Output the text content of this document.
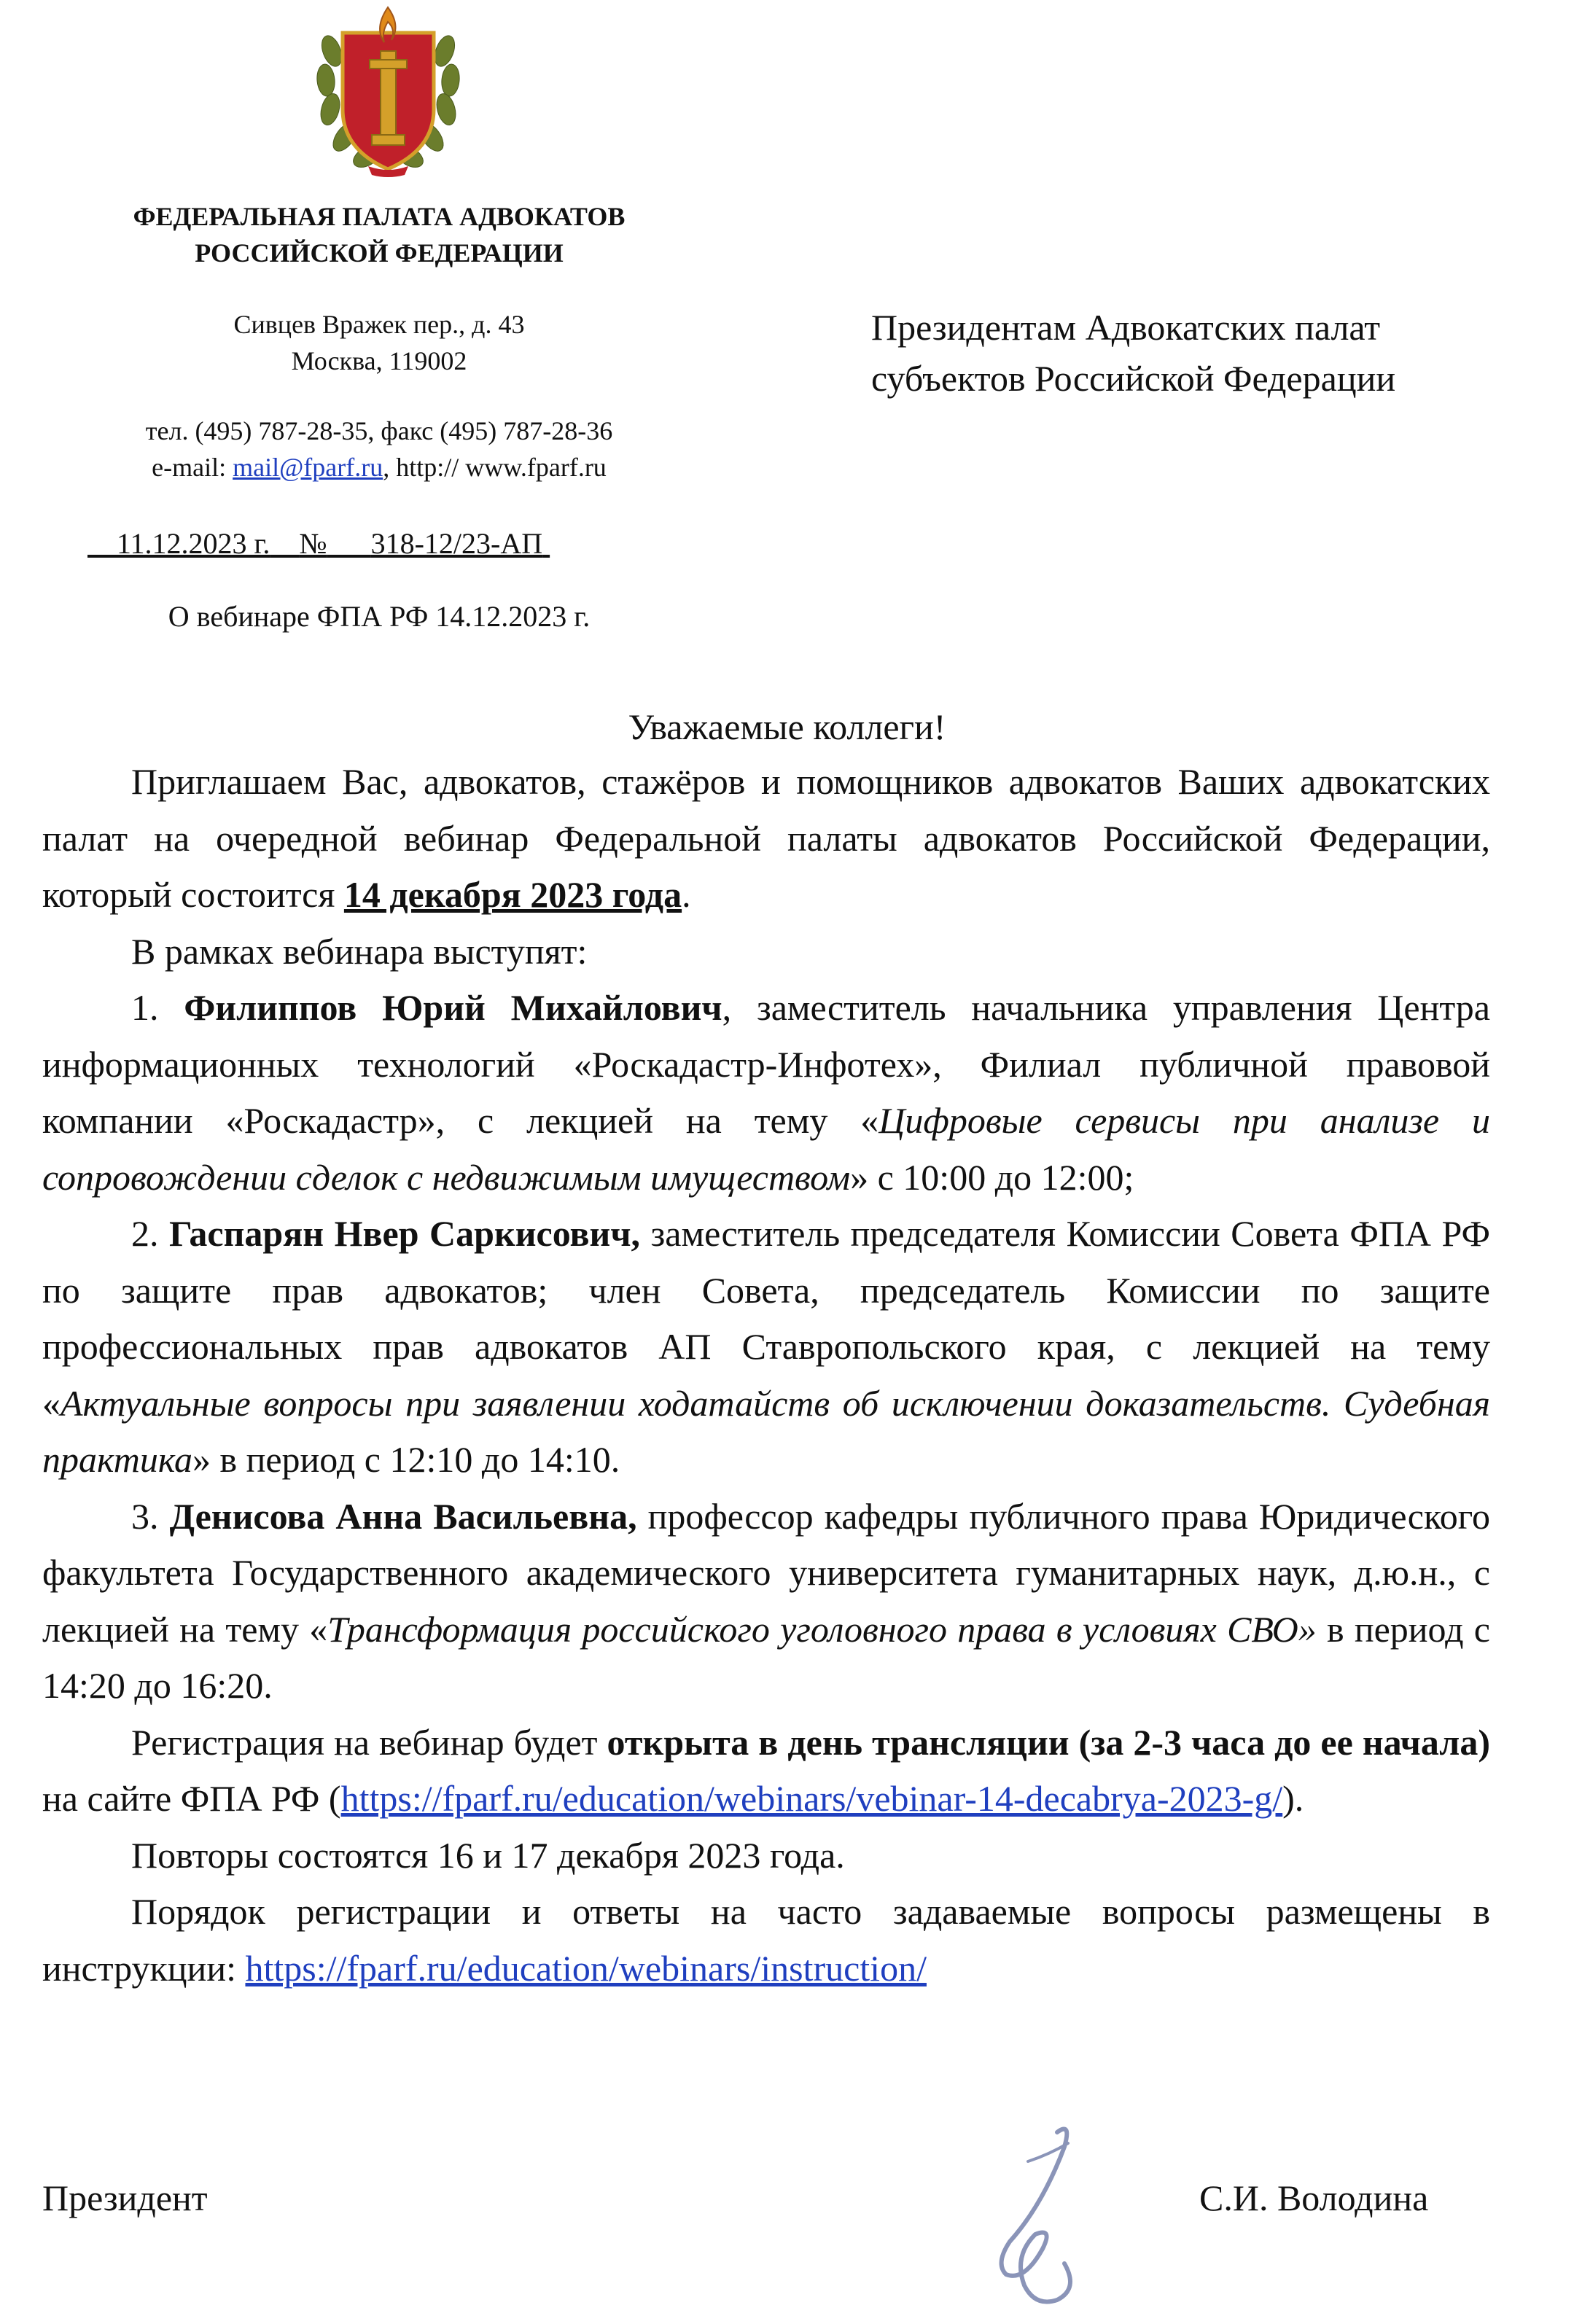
ФЕДЕРАЛЬНАЯ ПАЛАТА АДВОКАТОВ
РОССИЙСКОЙ ФЕДЕРАЦИИ
Сивцев Вражек пер., д. 43
Москва, 119002
тел. (495) 787-28-35, факс (495) 787-28-36
e-mail: mail@fparf.ru, http:// www.fparf.ru
11.12.2023 г. № 318-12/23-АП
О вебинаре ФПА РФ 14.12.2023 г.
Президентам Адвокатских палат
субъектов Российской Федерации
Уважаемые коллеги!

Приглашаем Вас, адвокатов, стажёров и помощников адвокатов Ваших адвокатских палат на очередной вебинар Федеральной палаты адвокатов Российской Федерации, который состоится 14 декабря 2023 года.

В рамках вебинара выступят:

1. Филиппов Юрий Михайлович, заместитель начальника управления Центра информационных технологий «Роскадастр-Инфотех», Филиал публичной правовой компании «Роскадастр», с лекцией на тему «Цифровые сервисы при анализе и сопровождении сделок с недвижимым имуществом» с 10:00 до 12:00;

2. Гаспарян Нвер Саркисович, заместитель председателя Комиссии Совета ФПА РФ по защите прав адвокатов; член Совета, председатель Комиссии по защите профессиональных прав адвокатов АП Ставропольского края, с лекцией на тему «Актуальные вопросы при заявлении ходатайств об исключении доказательств. Судебная практика» в период с 12:10 до 14:10.

3. Денисова Анна Васильевна, профессор кафедры публичного права Юридического факультета Государственного академического университета гуманитарных наук, д.ю.н., с лекцией на тему «Трансформация российского уголовного права в условиях СВО» в период с 14:20 до 16:20.

Регистрация на вебинар будет открыта в день трансляции (за 2-3 часа до ее начала) на сайте ФПА РФ (https://fparf.ru/education/webinars/vebinar-14-decabrya-2023-g/).

Повторы состоятся 16 и 17 декабря 2023 года.

Порядок регистрации и ответы на часто задаваемые вопросы размещены в инструкции: https://fparf.ru/education/webinars/instruction/

Президент	С.И. Володина
